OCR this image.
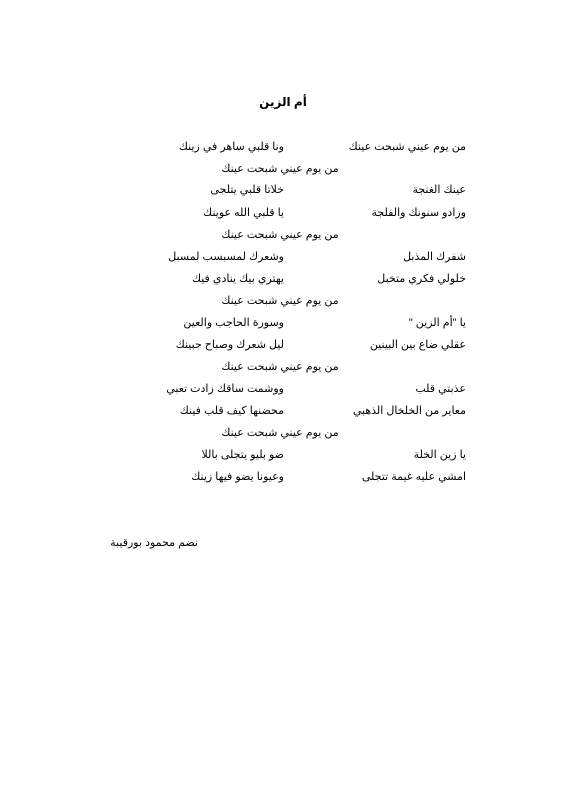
أم الزين
من يوم عيني شبحت عينك
ونا قلبي ساهر في زينك
من يوم عيني شبحت عينك
عينك الغنجة
خلاتا قلبي يتلجى
وزادو سنونك والفلجة
يا قلبي الله عوينك
من يوم عيني شبحت عينك
شفرك المذبل
وشعرك لمسبسب لمسبل
خلولي فكري متخبل
يهتري بيك ينادي فيك
من يوم عيني شبحت عينك
يا "أم الزين "
وسورة الحاجب والعين
عقلي ضاع بين البينين
ليل شعرك وصباح جبينك
من يوم عيني شبحت عينك
عذبتي قلب
ووشمت ساقك زادت تعبي
معاير من الخلخال الذهبي
محضنها كيف قلب فينك
من يوم عيني شبحت عينك
يا زين الخلة
ضو بليو يتجلى باللا
امشي عليه غيمة تتجلى
وعيونا يضو فيها زينك
نضم محمود بورقيبة
